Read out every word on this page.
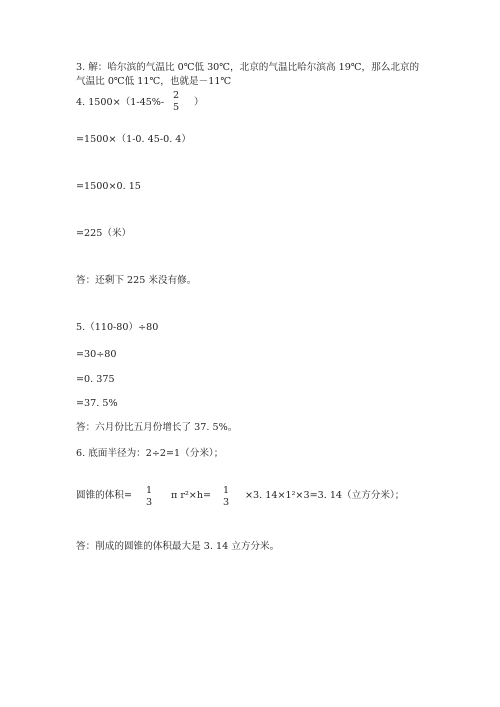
3. 解：哈尔滨的气温比 0℃低 30℃，北京的气温比哈尔滨高 19℃，那么北京的
气温比 0℃低 11℃，也就是－11℃
4. 1500×（1-45%-
2
5 ）
=1500×（1-0. 45-0. 4）
=1500×0. 15
=225（米）
答：还剩下 225 米没有修。
5.（110-80）÷80
=30÷80
=0. 375
=37. 5%
答：六月份比五月份增长了 37. 5%。
6. 底面半径为：2÷2=1（分米）；
圆锥的体积= 1
3
π r²×h= 1
3
×3. 14×1²×3=3. 14（立方分米）；
答：削成的圆锥的体积最大是 3. 14 立方分米。
